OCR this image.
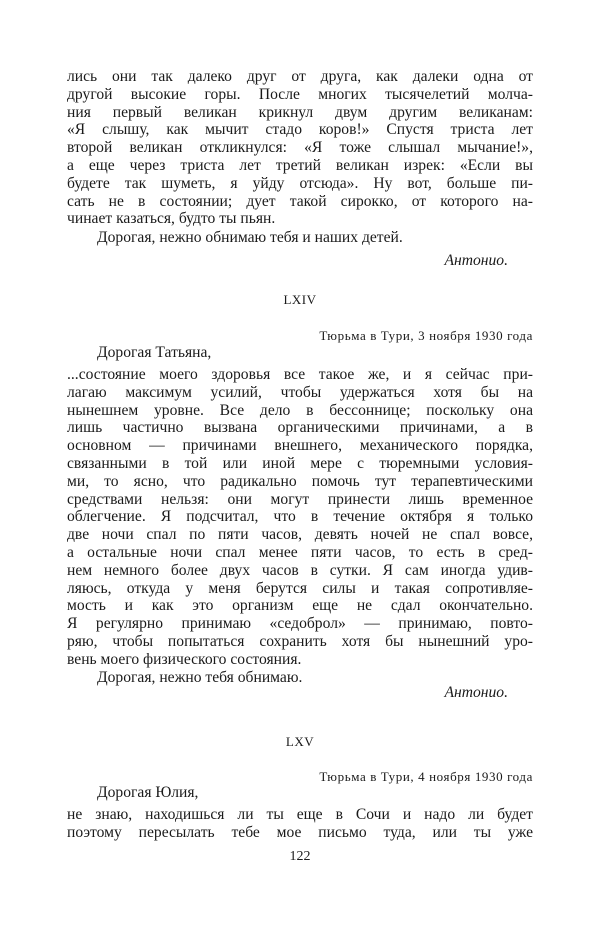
лись они так далеко друг от друга, как далеки одна от
другой высокие горы. После многих тысячелетий молча-
ния первый великан крикнул двум другим великанам:
«Я слышу, как мычит стадо коров!» Спустя триста лет
второй великан откликнулся: «Я тоже слышал мычание!»,
а еще через триста лет третий великан изрек: «Если вы
будете так шуметь, я уйду отсюда». Ну вот, больше пи-
сать не в состоянии; дует такой сирокко, от которого на-
чинает казаться, будто ты пьян.
Дорогая, нежно обнимаю тебя и наших детей.
Антонио.
LXIV
Тюрьма в Тури, 3 ноября 1930 года
Дорогая Татьяна,
...состояние моего здоровья все такое же, и я сейчас при-
лагаю максимум усилий, чтобы удержаться хотя бы на
нынешнем уровне. Все дело в бессоннице; поскольку она
лишь частично вызвана органическими причинами, а в
основном — причинами внешнего, механического порядка,
связанными в той или иной мере с тюремными условия-
ми, то ясно, что радикально помочь тут терапевтическими
средствами нельзя: они могут принести лишь временное
облегчение. Я подсчитал, что в течение октября я только
две ночи спал по пяти часов, девять ночей не спал вовсе,
а остальные ночи спал менее пяти часов, то есть в сред-
нем немного более двух часов в сутки. Я сам иногда удив-
ляюсь, откуда у меня берутся силы и такая сопротивляе-
мость и как это организм еще не сдал окончательно.
Я регулярно принимаю «седоброл» — принимаю, повто-
ряю, чтобы попытаться сохранить хотя бы нынешний уро-
вень моего физического состояния.
Дорогая, нежно тебя обнимаю.
Антонио.
LXV
Тюрьма в Тури, 4 ноября 1930 года
Дорогая Юлия,
не знаю, находишься ли ты еще в Сочи и надо ли будет
поэтому пересылать тебе мое письмо туда, или ты уже
122
